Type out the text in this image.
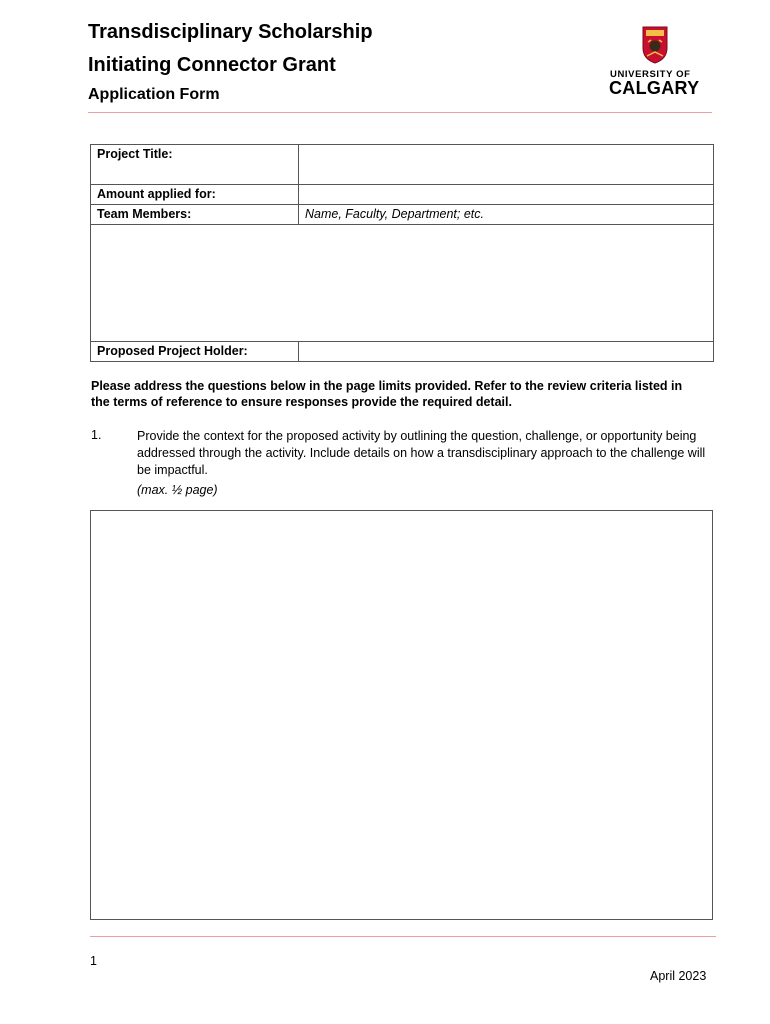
Transdisciplinary Scholarship
Initiating Connector Grant
Application Form
UNIVERSITY OF
CALGARY
Project Title:	
Amount applied for:	
Team Members:	Name, Faculty, Department; etc.

Proposed Project Holder:	
Please address the questions below in the page limits provided. Refer to the review criteria listed in the terms of reference to ensure responses provide the required detail.
1.	Provide the context for the proposed activity by outlining the question, challenge, or opportunity being addressed through the activity. Include details on how a transdisciplinary approach to the challenge will be impactful.
(max. ½ page)
1
April 2023
